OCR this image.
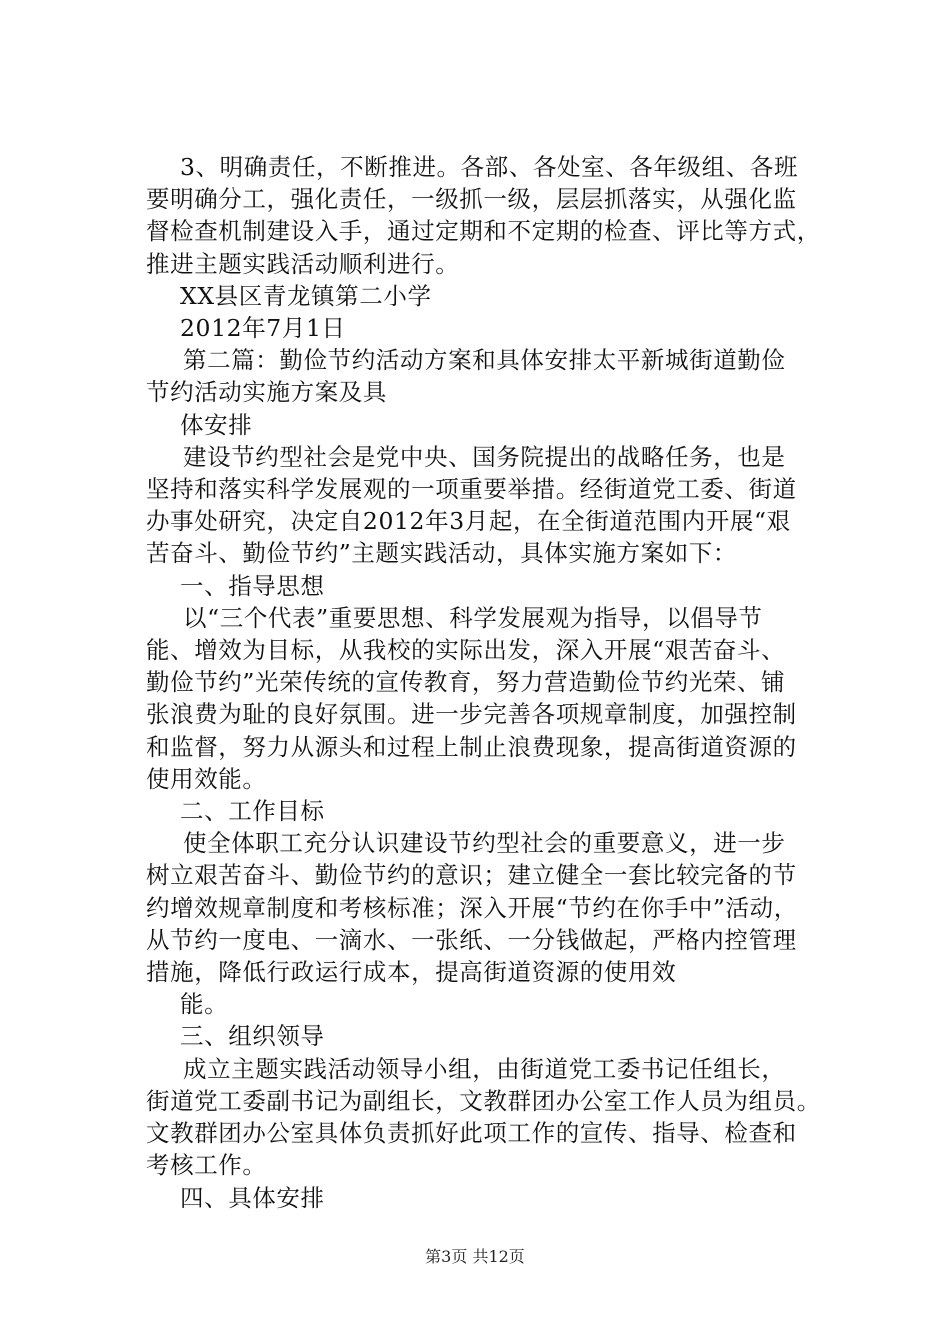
3、明确责任，不断推进。各部、各处室、各年级组、各班
要明确分工，强化责任，一级抓一级，层层抓落实，从强化监
督检查机制建设入手，通过定期和不定期的检查、评比等方式，
推进主题实践活动顺利进行。
XX县区青龙镇第二小学
2012年7月1日
第二篇：勤俭节约活动方案和具体安排太平新城街道勤俭
节约活动实施方案及具
体安排
建设节约型社会是党中央、国务院提出的战略任务，也是
坚持和落实科学发展观的一项重要举措。经街道党工委、街道
办事处研究，决定自2012年3月起，在全街道范围内开展“艰
苦奋斗、勤俭节约”主题实践活动，具体实施方案如下：
一、指导思想
以“三个代表”重要思想、科学发展观为指导，以倡导节
能、增效为目标，从我校的实际出发，深入开展“艰苦奋斗、
勤俭节约”光荣传统的宣传教育，努力营造勤俭节约光荣、铺
张浪费为耻的良好氛围。进一步完善各项规章制度，加强控制
和监督，努力从源头和过程上制止浪费现象，提高街道资源的
使用效能。
二、工作目标
使全体职工充分认识建设节约型社会的重要意义，进一步
树立艰苦奋斗、勤俭节约的意识；建立健全一套比较完备的节
约增效规章制度和考核标准；深入开展“节约在你手中”活动，
从节约一度电、一滴水、一张纸、一分钱做起，严格内控管理
措施，降低行政运行成本，提高街道资源的使用效
能。
三、组织领导
成立主题实践活动领导小组，由街道党工委书记任组长，
街道党工委副书记为副组长，文教群团办公室工作人员为组员。
文教群团办公室具体负责抓好此项工作的宣传、指导、检查和
考核工作。
四、具体安排
第3页 共12页
